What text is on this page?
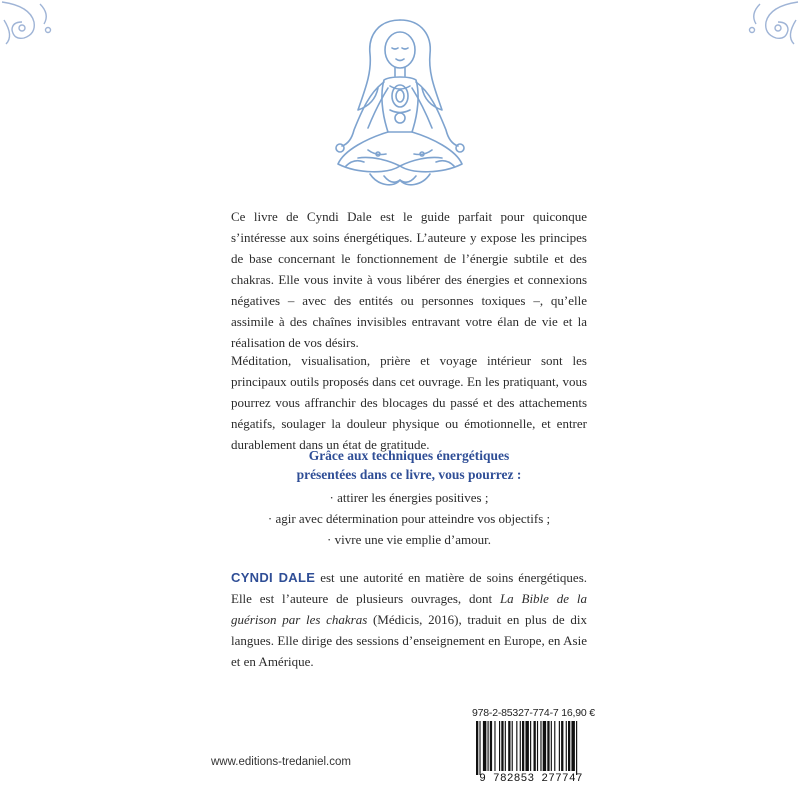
Ce livre de Cyndi Dale est le guide parfait pour quiconque s’intéresse aux soins énergétiques. L’auteure y expose les principes de base concernant le fonctionnement de l’énergie subtile et des chakras. Elle vous invite à vous libérer des énergies et connexions négatives – avec des entités ou personnes toxiques –, qu’elle assimile à des chaînes invisibles entravant votre élan de vie et la réalisation de vos désirs.

Méditation, visualisation, prière et voyage intérieur sont les principaux outils proposés dans cet ouvrage. En les pratiquant, vous pourrez vous affranchir des blocages du passé et des attachements négatifs, soulager la douleur physique ou émotionnelle, et entrer durablement dans un état de gratitude.

Grâce aux techniques énergétiques
présentées dans ce livre, vous pourrez :

· attirer les énergies positives ;
· agir avec détermination pour atteindre vos objectifs ;
· vivre une vie emplie d’amour.

CYNDI DALE est une autorité en matière de soins énergétiques. Elle est l’auteure de plusieurs ouvrages, dont La Bible de la guérison par les chakras (Médicis, 2016), traduit en plus de dix langues. Elle dirige des sessions d’enseignement en Europe, en Asie et en Amérique.

www.editions-tredaniel.com
978-2-85327-774-7 16,90 €
9 782853 277747
